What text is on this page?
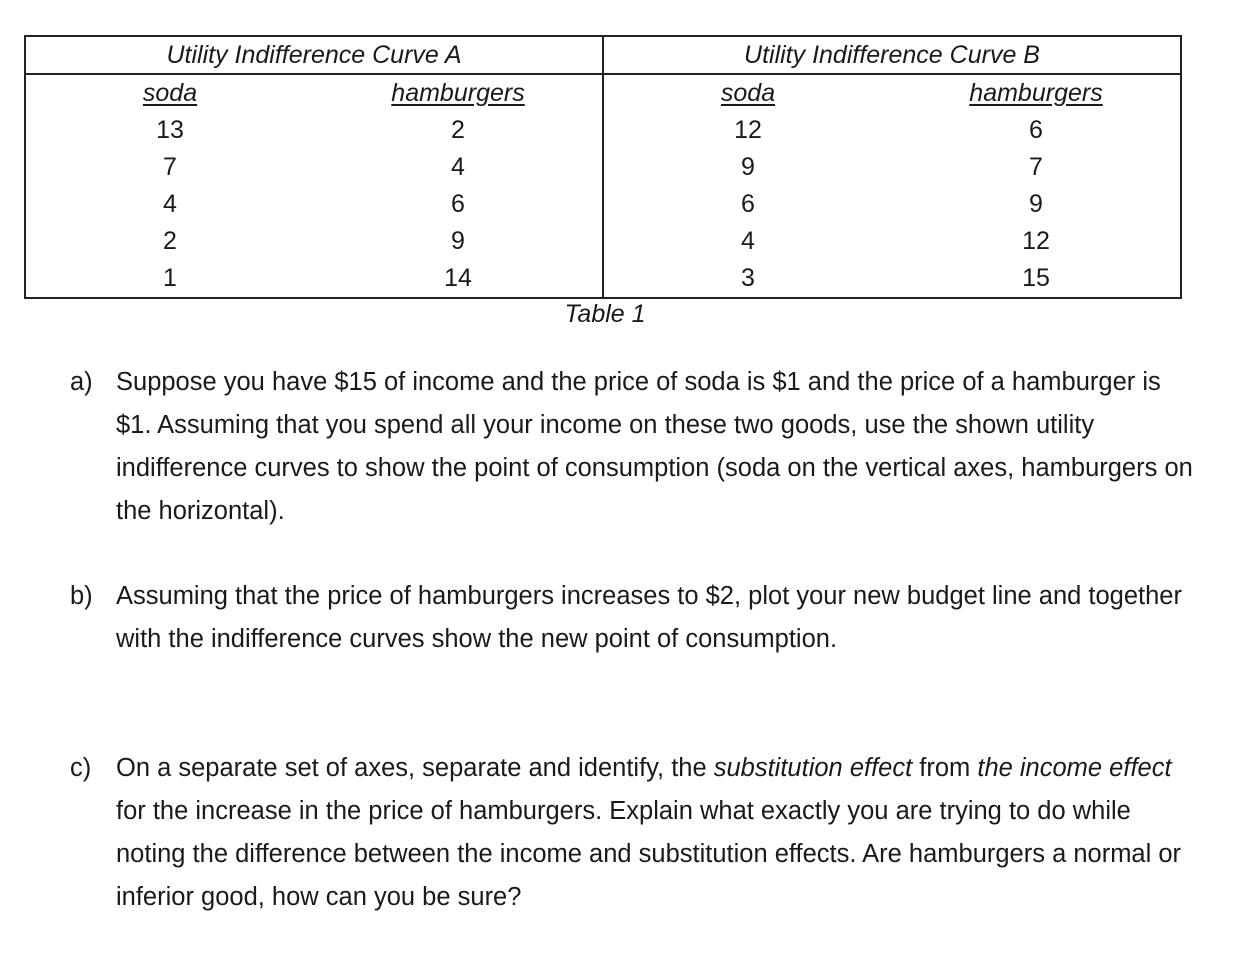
Utility Indifference Curve A		Utility Indifference Curve B	
soda	hamburgers	soda	hamburgers
13	2	12	6
7	4	9	7
4	6	6	9
2	9	4	12
1	14	3	15
Table 1
a) Suppose you have $15 of income and the price of soda is $1 and the price of a hamburger is $1. Assuming that you spend all your income on these two goods, use the shown utility indifference curves to show the point of consumption (soda on the vertical axes, hamburgers on the horizontal).
b) Assuming that the price of hamburgers increases to $2, plot your new budget line and together with the indifference curves show the new point of consumption.
c) On a separate set of axes, separate and identify, the substitution effect from the income effect for the increase in the price of hamburgers. Explain what exactly you are trying to do while noting the difference between the income and substitution effects. Are hamburgers a normal or inferior good, how can you be sure?
